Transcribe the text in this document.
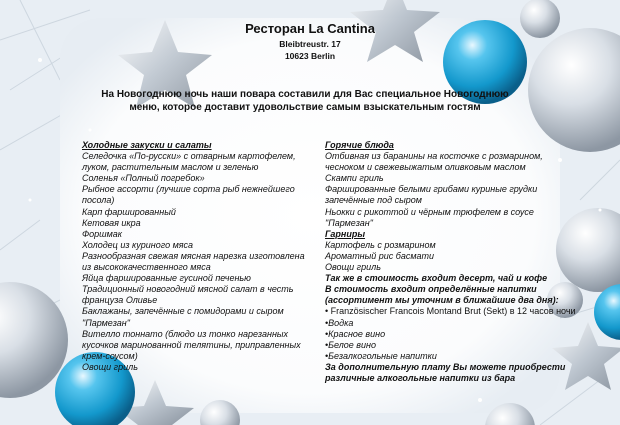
Ресторан La Cantina
Bleibtreustr. 17
10623 Berlin
На Новогоднюю ночь наши повара составили для Вас специальное Новогоднюю
меню, которое доставит удовольствие самым взыскательным гостям
Холодные закуски и салаты
Селедочка «По-русски» с отварным картофелем,
луком, растительным маслом и зеленью
Соленья «Полный погребок»
Рыбное ассорти (лучшие сорта рыб нежнейшего
посола)
Карп фаршированный
Кетовая икра
Форшмак
Холодец из куриного мяса
Разнообразная свежая мясная нарезка изготовлена
из высококачественного мяса
Яйца фаршированные гусиной печенью
Традиционный новогодний мясной салат в честь
француза Оливье
Баклажаны, запечённые с помидорами и сыром
"Пармезан"
Вителло тоннато (блюдо из тонко нарезанных
кусочков маринованной телятины, приправленных
крем-соусом)
Овощи гриль
Горячие блюда
Отбивная из баранины на косточке с розмарином,
чесноком и свежевыжатым оливковым маслом
Скампи гриль
Фаршированные белыми грибами куриные грудки
запечённые под сыром
Ньокки с рикоттой и чёрным трюфелем в соусе
"Пармезан"
Гарниры
Картофель с розмарином
Ароматный рис басмати
Овощи гриль
Так же в стоимость входит десерт, чай и кофе
В стоимость входит определённые напитки
(ассортимент мы уточним в ближайшие два дня):
• Französischer Francois Montand Brut (Sekt) в 12 часов ночи
•Водка
•Красное вино
•Белое вино
•Безалкогольные напитки
За дополнительную плату Вы можете приобрести
различные алкогольные напитки из бара
